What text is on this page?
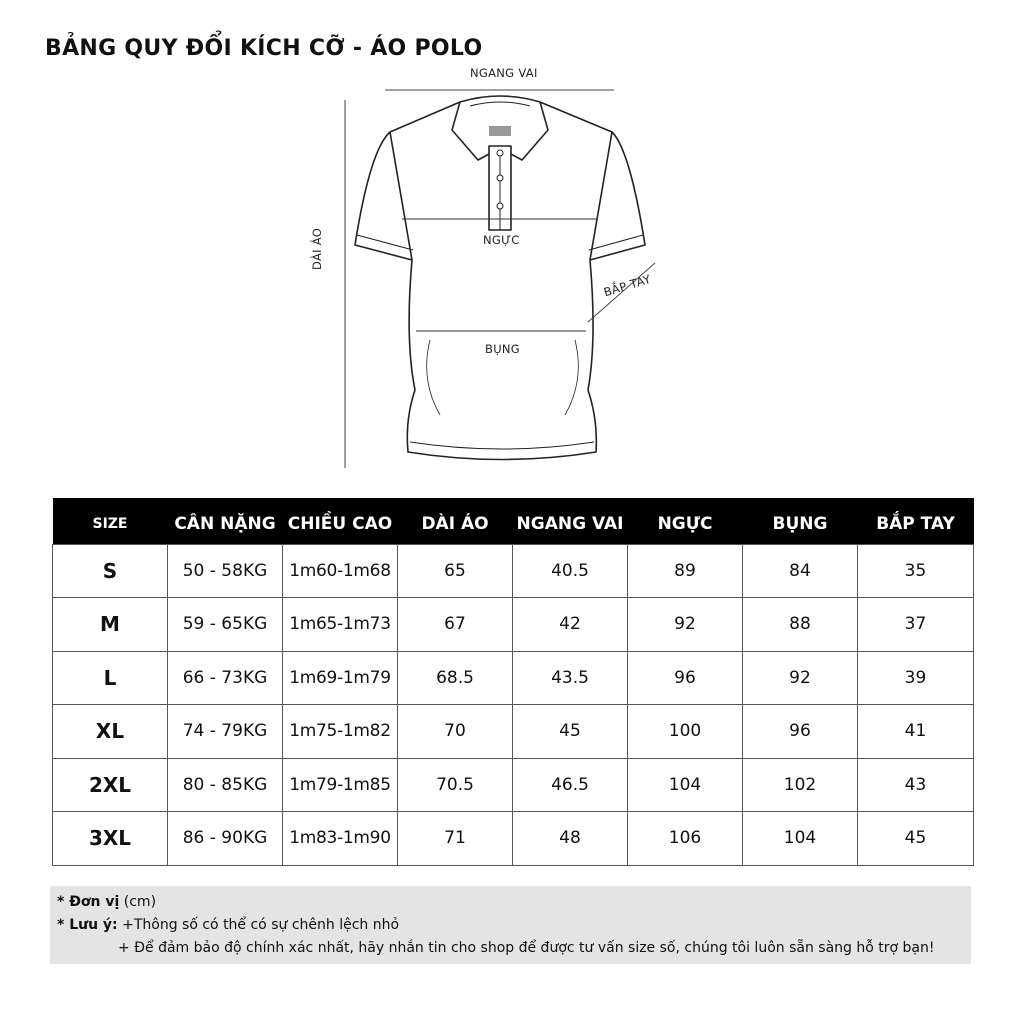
BẢNG QUY ĐỔI KÍCH CỠ - ÁO POLO
NGANG VAI
DÀI ÁO	NGỰC
BỤNG
BẮP TAY
SIZE	CÂN NẶNG	CHIỀU CAO	DÀI ÁO	NGANG VAI	NGỰC	BỤNG	BẮP TAY
S	50 - 58KG	1m60-1m68	65	40.5	89	84	35
M	59 - 65KG	1m65-1m73	67	42	92	88	37
L	66 - 73KG	1m69-1m79	68.5	43.5	96	92	39
XL	74 - 79KG	1m75-1m82	70	45	100	96	41
2XL	80 - 85KG	1m79-1m85	70.5	46.5	104	102	43
3XL	86 - 90KG	1m83-1m90	71	48	106	104	45
* Đơn vị (cm)
* Lưu ý: +Thông số có thể có sự chênh lệch nhỏ
+ Để đảm bảo độ chính xác nhất, hãy nhắn tin cho shop để được tư vấn size số, chúng tôi luôn sẵn sàng hỗ trợ bạn!
